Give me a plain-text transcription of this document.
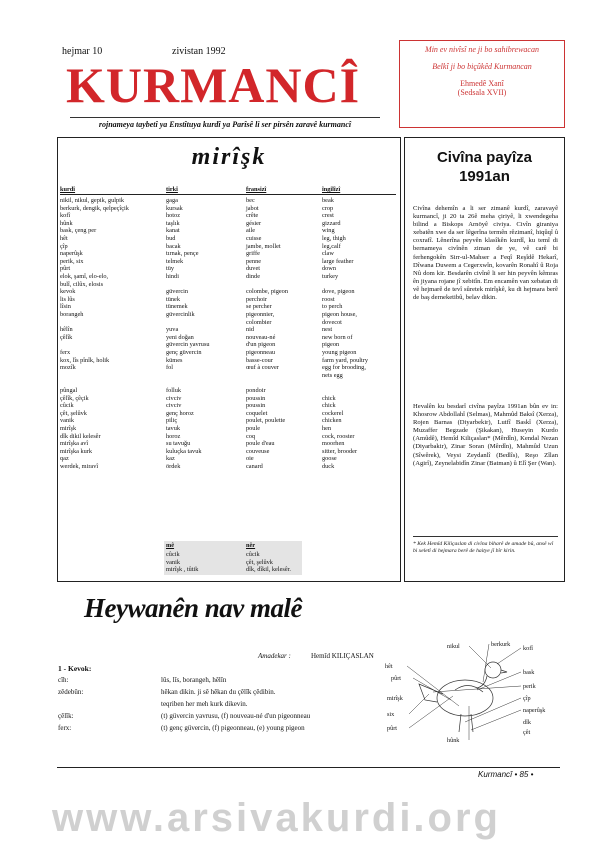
hejmar 10	zivistan 1992
KURMANCÎ
rojnameya taybetî ya Enstîtuya kurdî ya Parîsê li ser pirsên zaravê kurmancî
Min ev nivîsî ne ji bo sahibrewacan
Belkî ji bo biçûkêd Kurmancan
Ehmedê Xanî
(Sedsala XVII)
mirîşk
kurdî	tirkî	fransizî	îngilîzî
nikil, nikul, gepik, gulpik	gaga	bec	beak
berkurk, dengik, qelpeçîçik	kursak	jabot	crop
kofî	hotoz	crête	crest
hûnk	taşlık	gésier	gizzard
bask, çeng per	kanat	aile	wing
hêt	bud	cuisse	leg, thigh
çîp	bacak	jambe, mollet	leg,calf
naperûşk	tırnak, pençe	griffe	claw
perik, six	telmek	penne	large feather
pûrt	tüy	duvet	down
elok, şamî, elo-elo,	hindi	dinde	turkey
bulî, cilûx, elosis
kevok	güvercin	colombe, pigeon	dove, pigeon
lis lûs	tünek	perchoir	roost
lîsin	tünemek	se percher	to perch
borangeh	güvercinlik	pigeonnier,	pigeon house,
colombier	dovecot
hêlîn	yuva	nid	nest
çêlîk	yeni doğan	nouveau-né	new born of
güvercin yavrusu	d'un pigeon	pigeon
ferx	genç güvercin	pigeonneau	young pigeon
kox, lîs pînîk, holik	kümes	basse-cour	farm yard, poultry
mozîk	fol	œuf à couver	egg for brooding,
nets egg
pûngal	folluk	pondoir
çêlîk, çêçik	civciv	poussin	chick
cûcik	civciv	poussin	chick
çêt, şelûvk	genç horoz	coquelet	cockerel
vanik	piliç	poulet, poulette	chicken
mirîşk	tavuk	poule	hen
dîk dikil kelesêr	horoz	coq	cock, rooster
mirîşka avî	su tavuğu	poule d'eau	moorhen
mirîşka kurk	kuluçka tavuk	couveuse	sitter, brooder
qaz	kaz	oie	goose
werdek, miravî	ördek	canard	duck
mê	nêr
cûcik	cûcik
vanik	çêt, şelûvk
mirîşk , tûtik	dîk, dîkil, kelesêr.
Civîna payîza
1991an
Civîna dehemîn a li ser zimanê kurdî, zaravayê kurmancî, ji 20 ta 26ê meha çiriyê, li xwendegeha bilind a Biskops Arnöyê civiya. Civîn giraniya xebatên xwe da ser lêgerîna termên rêzimanî, hiqûqî û coxrafî. Lênerîna peyvên klasîkên kurdî, ku temî di bernameya civînên ziman de ye, vê carê bi ferhengokên Sirr-ul-Mahser a Feqî Reşîdê Hekarî, Dîwana Duwem a Cegerxwîn, kovarên Ronahî û Roja Nû dom kir. Besdarên civînê li ser hin peyvên kêmras ên jiyana rojane jî xebitîn. Em encamên van xebatan di vê hejmarê de tevî sûretek mirîşkê, ku di hejmara berê de baş derneketibû, belav dikin.
Hevalên ku besdarî civîna payîza 1991an bûn ev in: Khosrow Abdollahî (Selmas), Mahmûd Baksî (Xerza), Rojen Barnas (Diyarbekir), Lutfî Baskî (Xerza), Muzaffer Begzade (Şikakan), Huseyin Kurdo (Amûdê), Hemîd Kiliçaslan* (Mêrdîn), Kendal Nezan (Diyarbakir), Zinar Soran (Mêrdîn), Mahmûd Uzun (Sîwêrek), Veysi Zeydanlî (Bedlîs), Reşo Zîlan (Agirî), Zeynelabidîn Zinar (Batman) û Elî Şer (Wan).
* Kek Hemîd Kiliçaslan di civîna biharê de amade bû, ansê wî bi xeletî di hejmara berê de haitye jî bîr kirin.
Heywanên nav malê
Amadekar :	Hemîd KILIÇASLAN
1 - Kevok:
nikul	berkurk
kofî
hêt
pûrt
bask
perik
çîp
naperûşk
dîk
çêt
mirîşk
six
pûrt
hûnk
Kurmancî • 85 •
www.arsivakurdi.org
cîh:	lûs, lîs, borangeh, hêlîn
zêdebûn:	hêkan dikin. ji sê hêkan du çêlîk çêdibin.
teqriben her meh kurk dikevin.
çêlîk:	(t) güvercin yavrusu, (f) nouveau-né d'un pigeonneau
ferx:	(t) genç güvercin, (f) pigeonneau, (e) young pigeon
